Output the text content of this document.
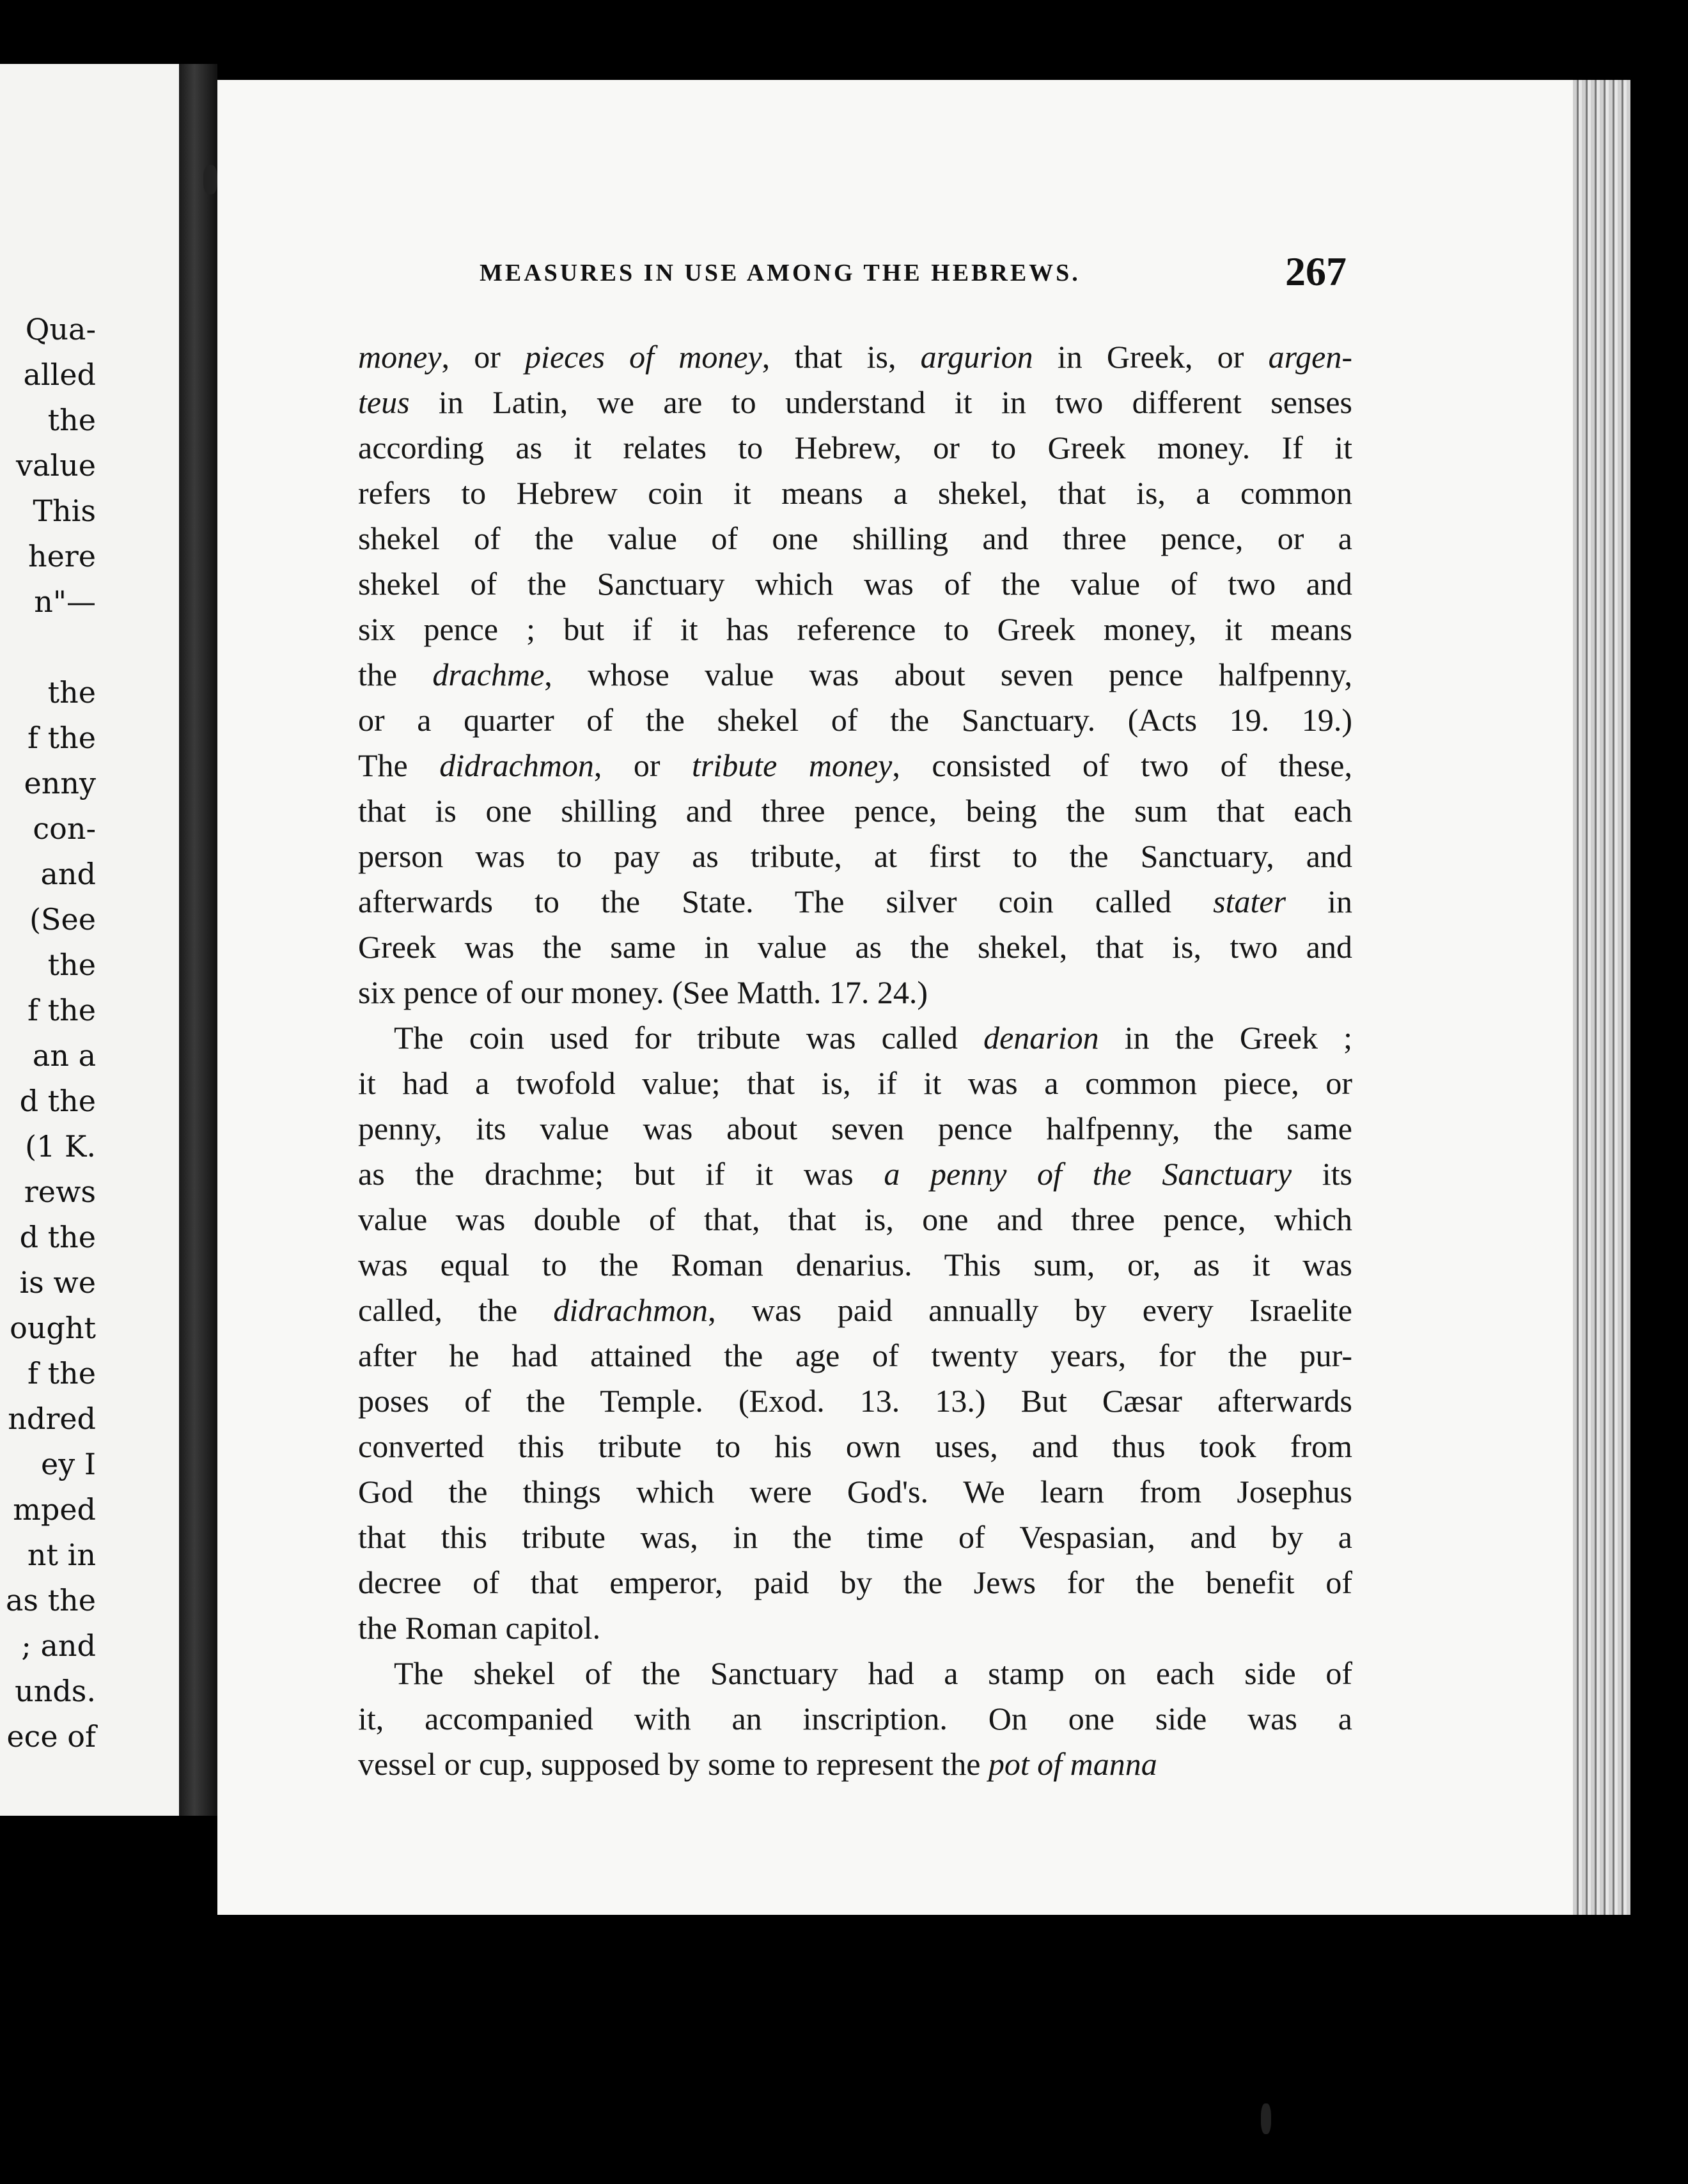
Qua-
alled
the
value
This
here
n"—
the
f the
enny
con-
and
(See
the
f the
an a
d the
(1 K.
rews
d the
is we
ought
f the
ndred
ey I
mped
nt in
as the
; and
unds.
ece of
MEASURES IN USE AMONG THE HEBREWS.	267
money, or pieces of money, that is, argurion in Greek, or argen-
teus in Latin, we are to understand it in two different senses
according as it relates to Hebrew, or to Greek money. If it
refers to Hebrew coin it means a shekel, that is, a common
shekel of the value of one shilling and three pence, or a
shekel of the Sanctuary which was of the value of two and
six pence ; but if it has reference to Greek money, it means
the drachme, whose value was about seven pence halfpenny,
or a quarter of the shekel of the Sanctuary. (Acts 19. 19.)
The didrachmon, or tribute money, consisted of two of these,
that is one shilling and three pence, being the sum that each
person was to pay as tribute, at first to the Sanctuary, and
afterwards to the State. The silver coin called stater in
Greek was the same in value as the shekel, that is, two and
six pence of our money. (See Matth. 17. 24.)
The coin used for tribute was called denarion in the Greek ;
it had a twofold value; that is, if it was a common piece, or
penny, its value was about seven pence halfpenny, the same
as the drachme; but if it was a penny of the Sanctuary its
value was double of that, that is, one and three pence, which
was equal to the Roman denarius. This sum, or, as it was
called, the didrachmon, was paid annually by every Israelite
after he had attained the age of twenty years, for the pur-
poses of the Temple. (Exod. 13. 13.) But Cæsar afterwards
converted this tribute to his own uses, and thus took from
God the things which were God's. We learn from Josephus
that this tribute was, in the time of Vespasian, and by a
decree of that emperor, paid by the Jews for the benefit of
the Roman capitol.
The shekel of the Sanctuary had a stamp on each side of
it, accompanied with an inscription. On one side was a
vessel or cup, supposed by some to represent the pot of manna
